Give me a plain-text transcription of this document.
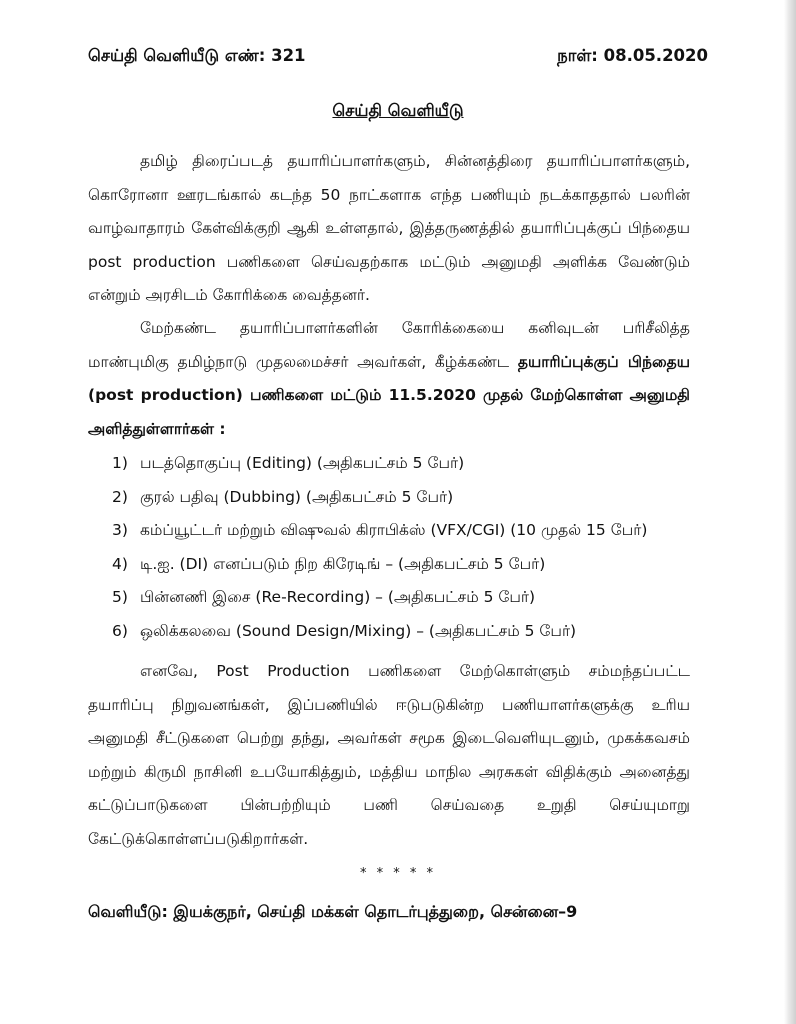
செய்தி வெளியீடு எண்: 321	நாள்: 08.05.2020
செய்தி வெளியீடு

தமிழ் திரைப்படத் தயாரிப்பாளர்களும், சின்னத்திரை தயாரிப்பாளர்களும், கொரோனா ஊரடங்கால் கடந்த 50 நாட்களாக எந்த பணியும் நடக்காததால் பலரின் வாழ்வாதாரம் கேள்விக்குறி ஆகி உள்ளதால், இத்தருணத்தில் தயாரிப்புக்குப் பிந்தைய post production பணிகளை செய்வதற்காக மட்டும் அனுமதி அளிக்க வேண்டும் என்றும் அரசிடம் கோரிக்கை வைத்தனர்.

மேற்கண்ட தயாரிப்பாளர்களின் கோரிக்கையை கனிவுடன் பரிசீலித்த மாண்புமிகு தமிழ்நாடு முதலமைச்சர் அவர்கள், கீழ்க்கண்ட தயாரிப்புக்குப் பிந்தைய (post production) பணிகளை மட்டும் 11.5.2020 முதல் மேற்கொள்ள அனுமதி அளித்துள்ளார்கள் :

1) படத்தொகுப்பு (Editing) (அதிகபட்சம் 5 பேர்)
2) குரல் பதிவு (Dubbing) (அதிகபட்சம் 5 பேர்)
3) கம்ப்யூட்டர் மற்றும் விஷுவல் கிராபிக்ஸ் (VFX/CGI) (10 முதல் 15 பேர்)
4) டி.ஐ. (DI) எனப்படும் நிற கிரேடிங் – (அதிகபட்சம் 5 பேர்)
5) பின்னணி இசை (Re-Recording) – (அதிகபட்சம் 5 பேர்)
6) ஒலிக்கலவை (Sound Design/Mixing) – (அதிகபட்சம் 5 பேர்)

எனவே, Post Production பணிகளை மேற்கொள்ளும் சம்மந்தப்பட்ட தயாரிப்பு நிறுவனங்கள், இப்பணியில் ஈடுபடுகின்ற பணியாளர்களுக்கு உரிய அனுமதி சீட்டுகளை பெற்று தந்து, அவர்கள் சமூக இடைவெளியுடனும், முகக்கவசம் மற்றும் கிருமி நாசினி உபயோகித்தும், மத்திய மாநில அரசுகள் விதிக்கும் அனைத்து கட்டுப்பாடுகளை பின்பற்றியும் பணி செய்வதை உறுதி செய்யுமாறு கேட்டுக்கொள்ளப்படுகிறார்கள்.

* * * * *
வெளியீடு: இயக்குநர், செய்தி மக்கள் தொடர்புத்துறை, சென்னை–9
